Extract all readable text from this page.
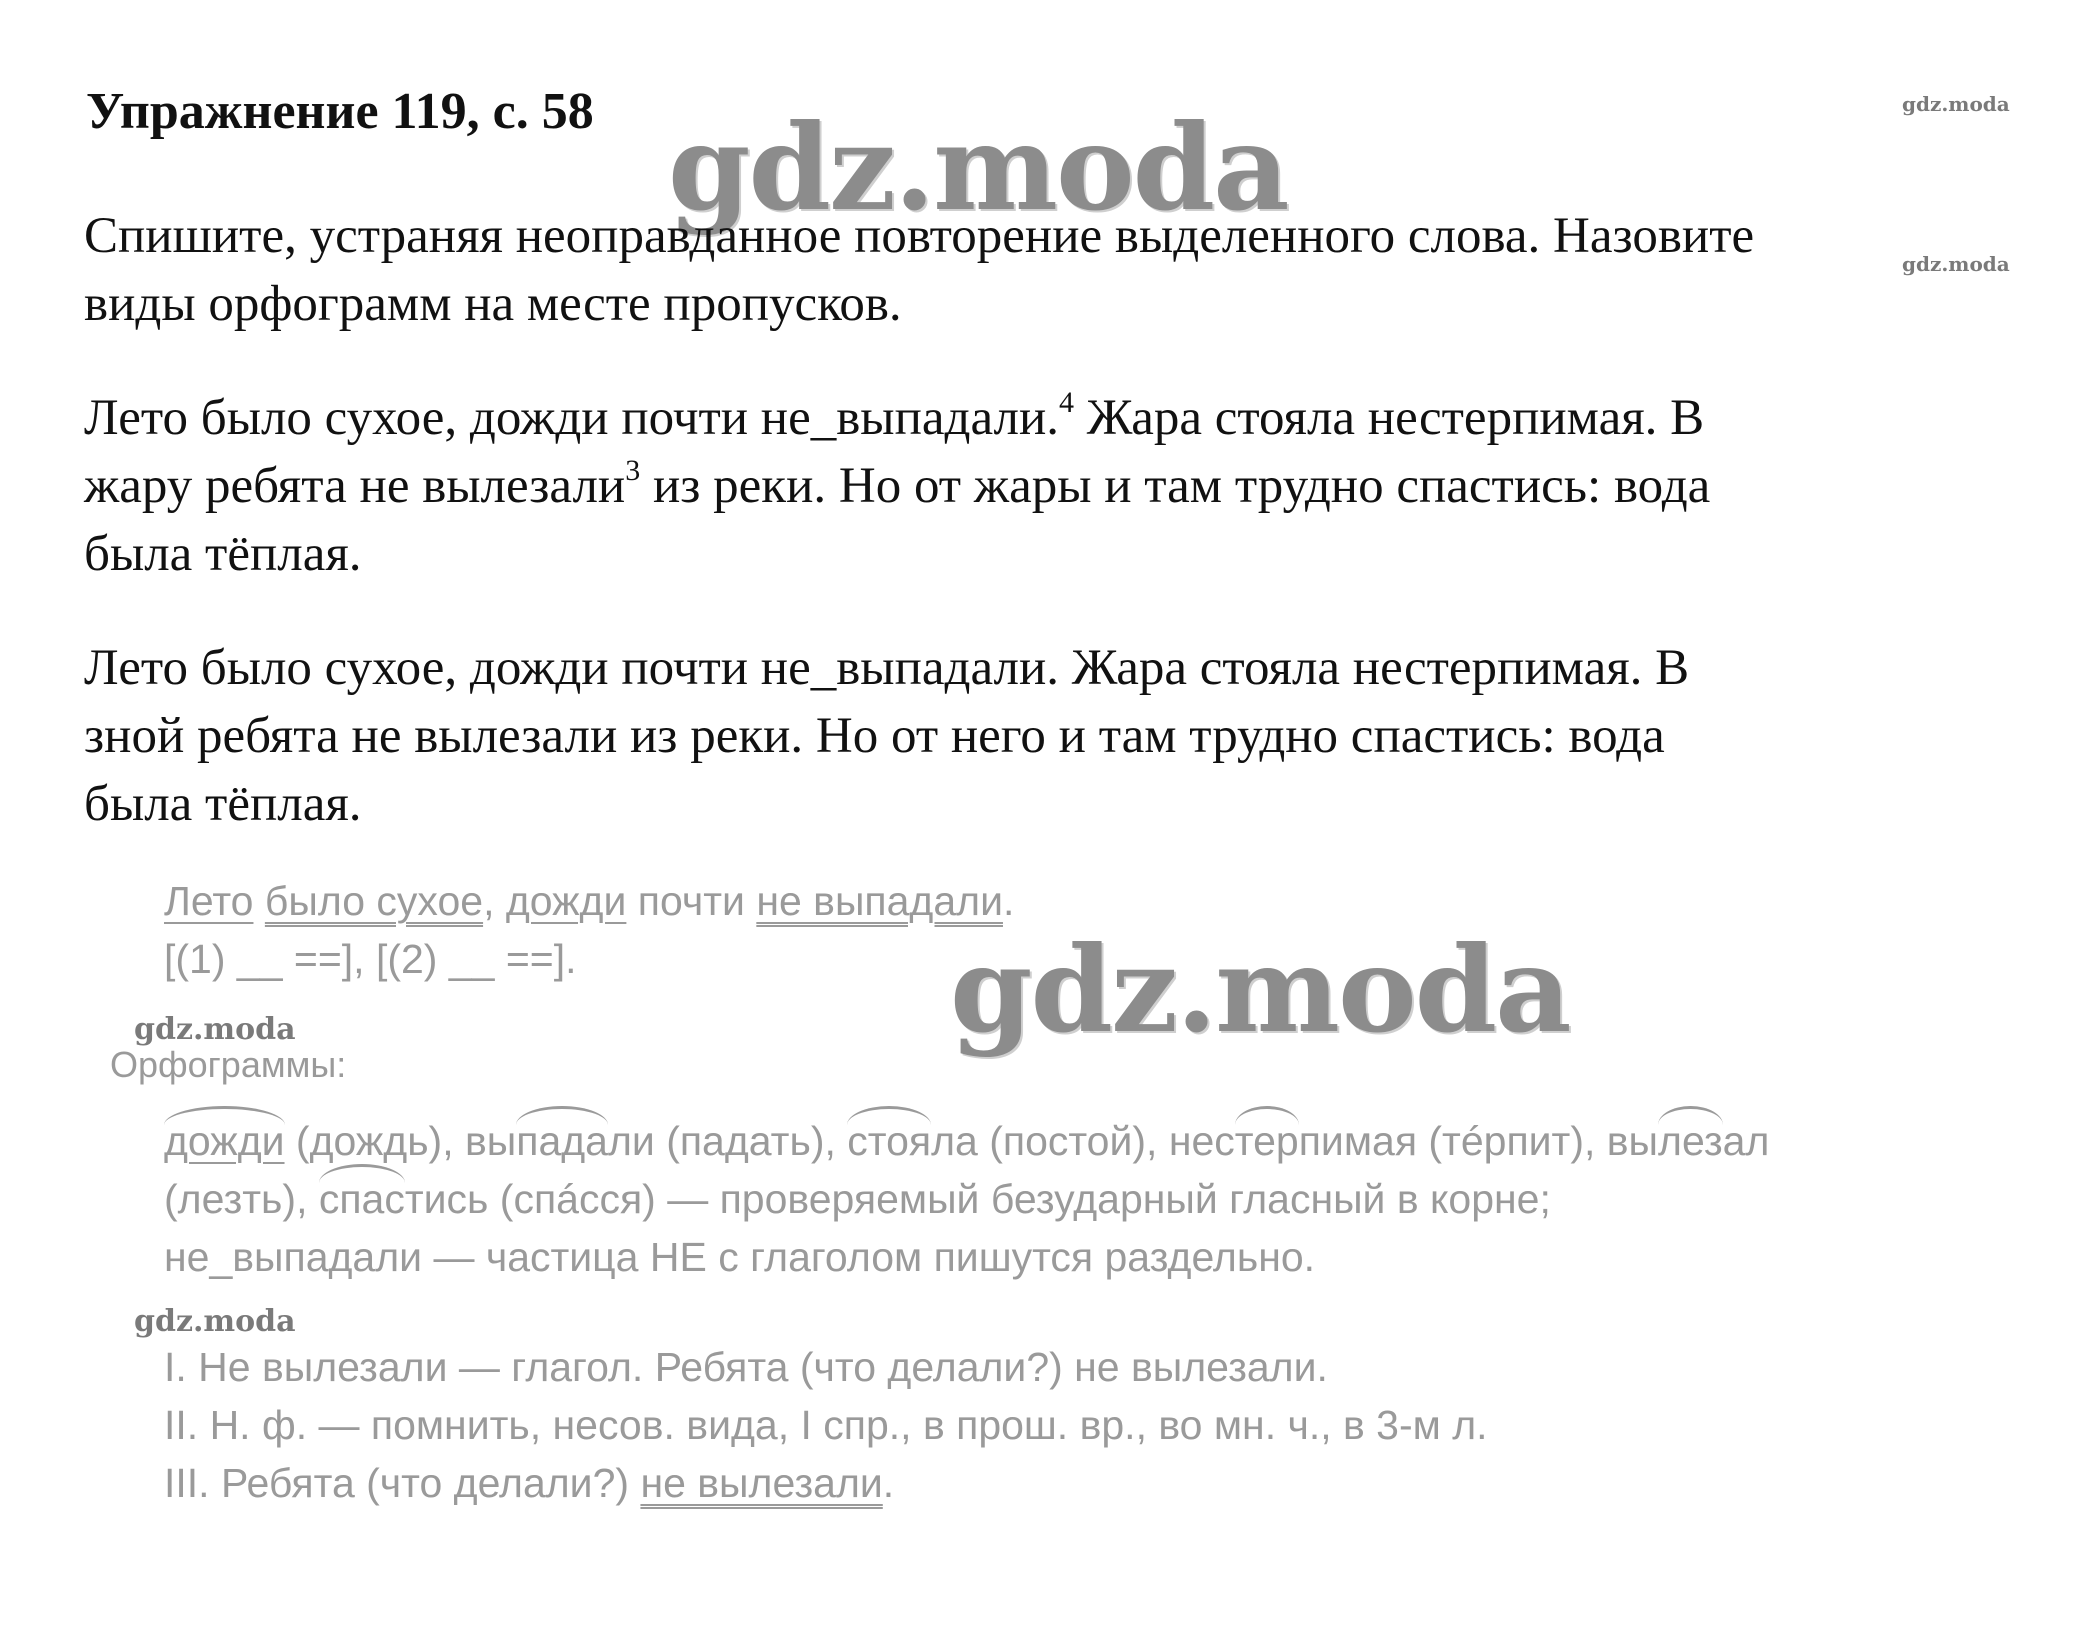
Упражнение 119, с. 58 gdz.moda
gdz.moda
gdz.moda
gdz.moda
gdz.moda
gdz.moda

Спишите, устраняя неоправданное повторение выделенного слова. Назовите
виды орфограмм на месте пропусков.

Лето было сухое, дожди почти не_выпадали.$^4$ Жара стояла нестерпимая. В
жару ребята не вылезали$^3$ из реки. Но от жары и там трудно спастись: вода
была тёплая.

Лето было сухое, дожди почти не_выпадали. Жара стояла нестерпимая. В
зной ребята не вылезали из реки. Но от него и там трудно спастись: вода
была тёплая.

Лето было сухое, дожди почти не выпадали.
[(1) __ ==], [(2) __ ==].
Орфограммы:
дожди (дождь), выпадали (падать), стояла (постой), нестерпимая (тéрпит), вылезал
(лезть), спастись (спáсся) — проверяемый безударный гласный в корне;
не_выпадали — частица НЕ с глаголом пишутся раздельно.
I. Не вылезали — глагол. Ребята (что делали?) не вылезали.
II. Н. ф. — помнить, несов. вида, I спр., в прош. вр., во мн. ч., в 3-м л.
III. Ребята (что делали?) не вылезали.
